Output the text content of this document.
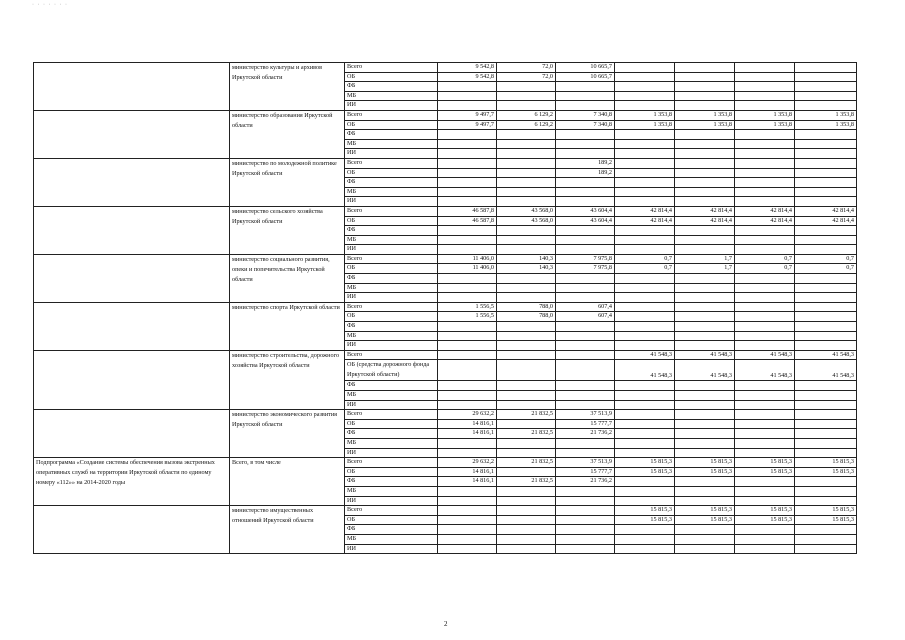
· · · · · · ·
	министерство культуры и архивов Иркутской области	Всего	9 542,8	72,0	10 665,7				
		ОБ	9 542,8	72,0	10 665,7				
		ФБ							
		МБ							
		ИИ							
	министерство образования Иркутской области	Всего	9 497,7	6 129,2	7 340,8	1 353,8	1 353,8	1 353,8	1 353,8
		ОБ	9 497,7	6 129,2	7 340,8	1 353,8	1 353,8	1 353,8	1 353,8
		ФБ							
		МБ							
		ИИ							
	министерство по молодежной политике Иркутской области	Всего			189,2				
		ОБ			189,2				
		ФБ							
		МБ							
		ИИ							
	министерство сельского хозяйства Иркутской области	Всего	46 587,8	43 568,0	43 604,4	42 814,4	42 814,4	42 814,4	42 814,4
		ОБ	46 587,8	43 568,0	43 604,4	42 814,4	42 814,4	42 814,4	42 814,4
		ФБ							
		МБ							
		ИИ							
	министерство социального развития, опеки и попечительства Иркутской области	Всего	11 406,0	140,3	7 975,8	0,7	1,7	0,7	0,7
		ОБ	11 406,0	140,3	7 975,8	0,7	1,7	0,7	0,7
		ФБ							
		МБ							
		ИИ							
	министерство спорта Иркутской области	Всего	1 556,5	788,0	607,4				
		ОБ	1 556,5	788,0	607,4				
		ФБ							
		МБ							
		ИИ							
	министерство строительства, дорожного хозяйства Иркутской области	Всего				41 548,3	41 548,3	41 548,3	41 548,3
		ОБ (средства дорожного фонда Иркутской области)				41 548,3	41 548,3	41 548,3	41 548,3
		ФБ							
		МБ							
		ИИ							
	министерство экономического развития Иркутской области	Всего	29 632,2	21 832,5	37 513,9				
		ОБ	14 816,1		15 777,7				
		ФБ	14 816,1	21 832,5	21 736,2				
		МБ							
		ИИ							
Подпрограмма «Создание системы обеспечения вызова экстренных оперативных служб на территории Иркутской области по единому номеру «112»» на 2014-2020 годы	Всего, в том числе	Всего	29 632,2	21 832,5	37 513,9	15 815,3	15 815,3	15 815,3	15 815,3
		ОБ	14 816,1		15 777,7	15 815,3	15 815,3	15 815,3	15 815,3
		ФБ	14 816,1	21 832,5	21 736,2				
		МБ							
		ИИ							
	министерство имущественных отношений Иркутской области	Всего				15 815,3	15 815,3	15 815,3	15 815,3
		ОБ				15 815,3	15 815,3	15 815,3	15 815,3
		ФБ							
		МБ							
		ИИ							
2
